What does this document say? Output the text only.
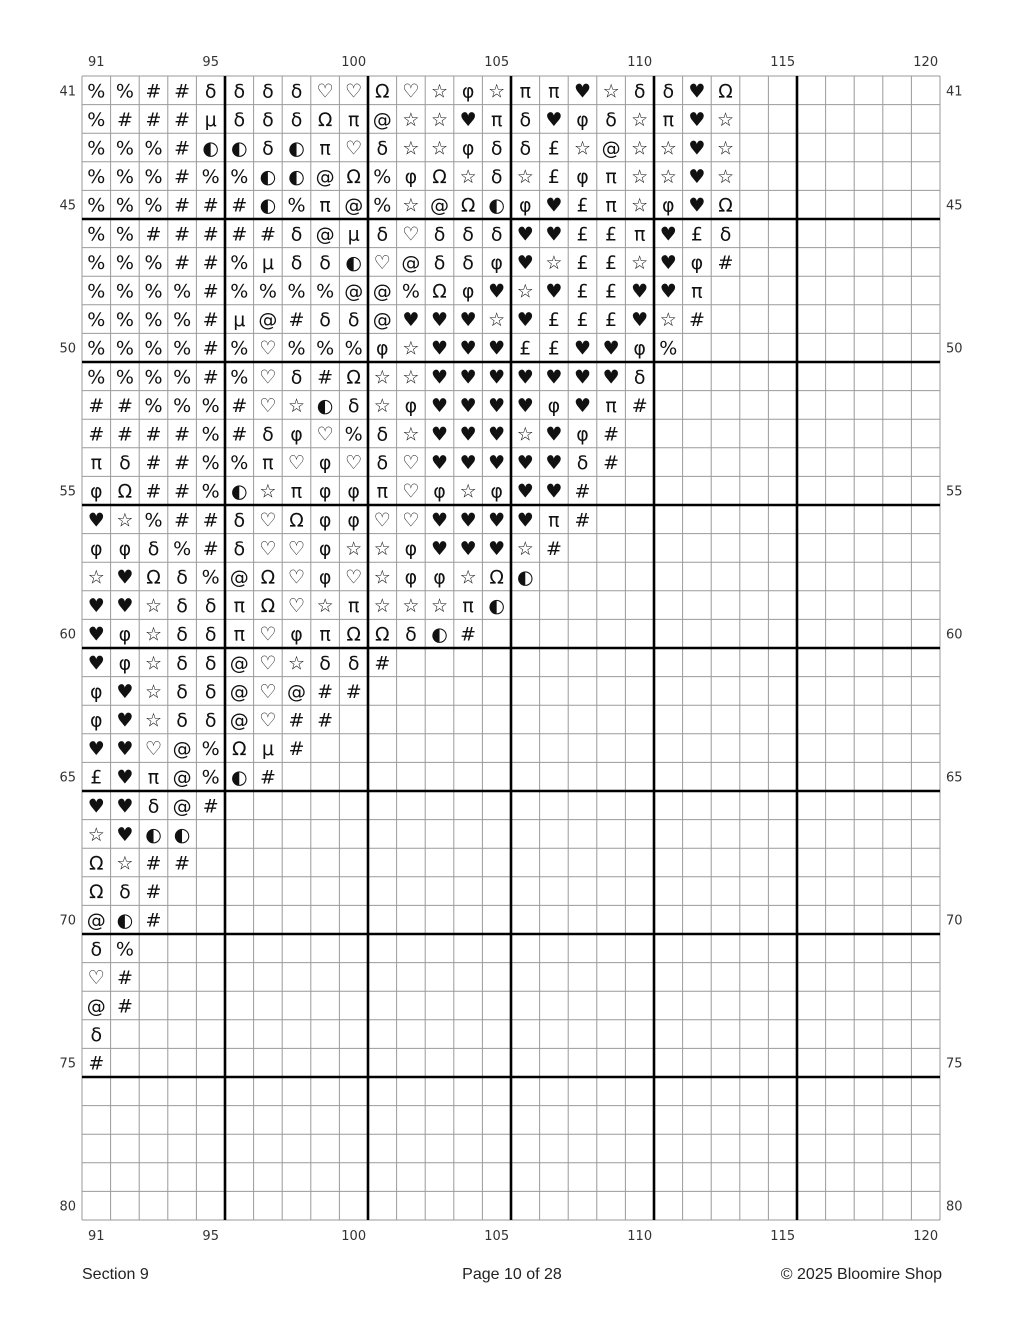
% % # # δ δ δ δ ♡ ♡ Ω ♡ ☆ φ ☆ π π ♥ ☆ δ δ ♥ Ω
% # # # μ δ δ δ Ω π @ ☆ ☆ ♥ π δ ♥ φ δ ☆ π ♥ ☆
% % % # ◐ ◐ δ ◐ π ♡ δ ☆ ☆ φ δ δ £ ☆ @ ☆ ☆ ♥ ☆
% % % # % % ◐ ◐ @ Ω % φ Ω ☆ δ ☆ £ φ π ☆ ☆ ♥ ☆
% % % # # # ◐ % π @ % ☆ @ Ω ◐ φ ♥ £ π ☆ φ ♥ Ω
% % # # # # # δ @ μ δ ♡ δ δ δ ♥ ♥ £ £ π ♥ £ δ
% % % # # % μ δ δ ◐ ♡ @ δ δ φ ♥ ☆ £ £ ☆ ♥ φ #
% % % % # % % % % @ @ % Ω φ ♥ ☆ ♥ £ £ ♥ ♥ π
% % % % # μ @ # δ δ @ ♥ ♥ ♥ ☆ ♥ £ £ £ ♥ ☆ #
% % % % # % ♡ % % % φ ☆ ♥ ♥ ♥ £ £ ♥ ♥ φ %
% % % % # % ♡ δ # Ω ☆ ☆ ♥ ♥ ♥ ♥ ♥ ♥ ♥ δ
# # % % % # ♡ ☆ ◐ δ ☆ φ ♥ ♥ ♥ ♥ φ ♥ π #
# # # # % # δ φ ♡ % δ ☆ ♥ ♥ ♥ ☆ ♥ φ #
π δ # # % % π ♡ φ ♡ δ ♡ ♥ ♥ ♥ ♥ ♥ δ #
φ Ω # # % ◐ ☆ π φ φ π ♡ φ ☆ φ ♥ ♥ #
♥ ☆ % # # δ ♡ Ω φ φ ♡ ♡ ♥ ♥ ♥ ♥ π #
φ φ δ % # δ ♡ ♡ φ ☆ ☆ φ ♥ ♥ ♥ ☆ #
☆ ♥ Ω δ % @ Ω ♡ φ ♡ ☆ φ φ ☆ Ω ◐
♥ ♥ ☆ δ δ π Ω ♡ ☆ π ☆ ☆ ☆ π ◐
♥ φ ☆ δ δ π ♡ φ π Ω Ω δ ◐ #
♥ φ ☆ δ δ @ ♡ ☆ δ δ #
φ ♥ ☆ δ δ @ ♡ @ # #
φ ♥ ☆ δ δ @ ♡ # #
♥ ♥ ♡ @ % Ω μ #
£ ♥ π @ % ◐ #
♥ ♥ δ @ #
☆ ♥ ◐ ◐
Ω ☆ # #
Ω δ #
@ ◐ #
δ %
♡ #
@ #
δ
#
91
91
95
95
100
100
105
105
110
110
115
115
120
120
41	41
45	45
50	50
55	55
60	60
65	65
70	70
75	75
80	80
Section 9	Page 10 of 28	© 2025 Bloomire Shop
